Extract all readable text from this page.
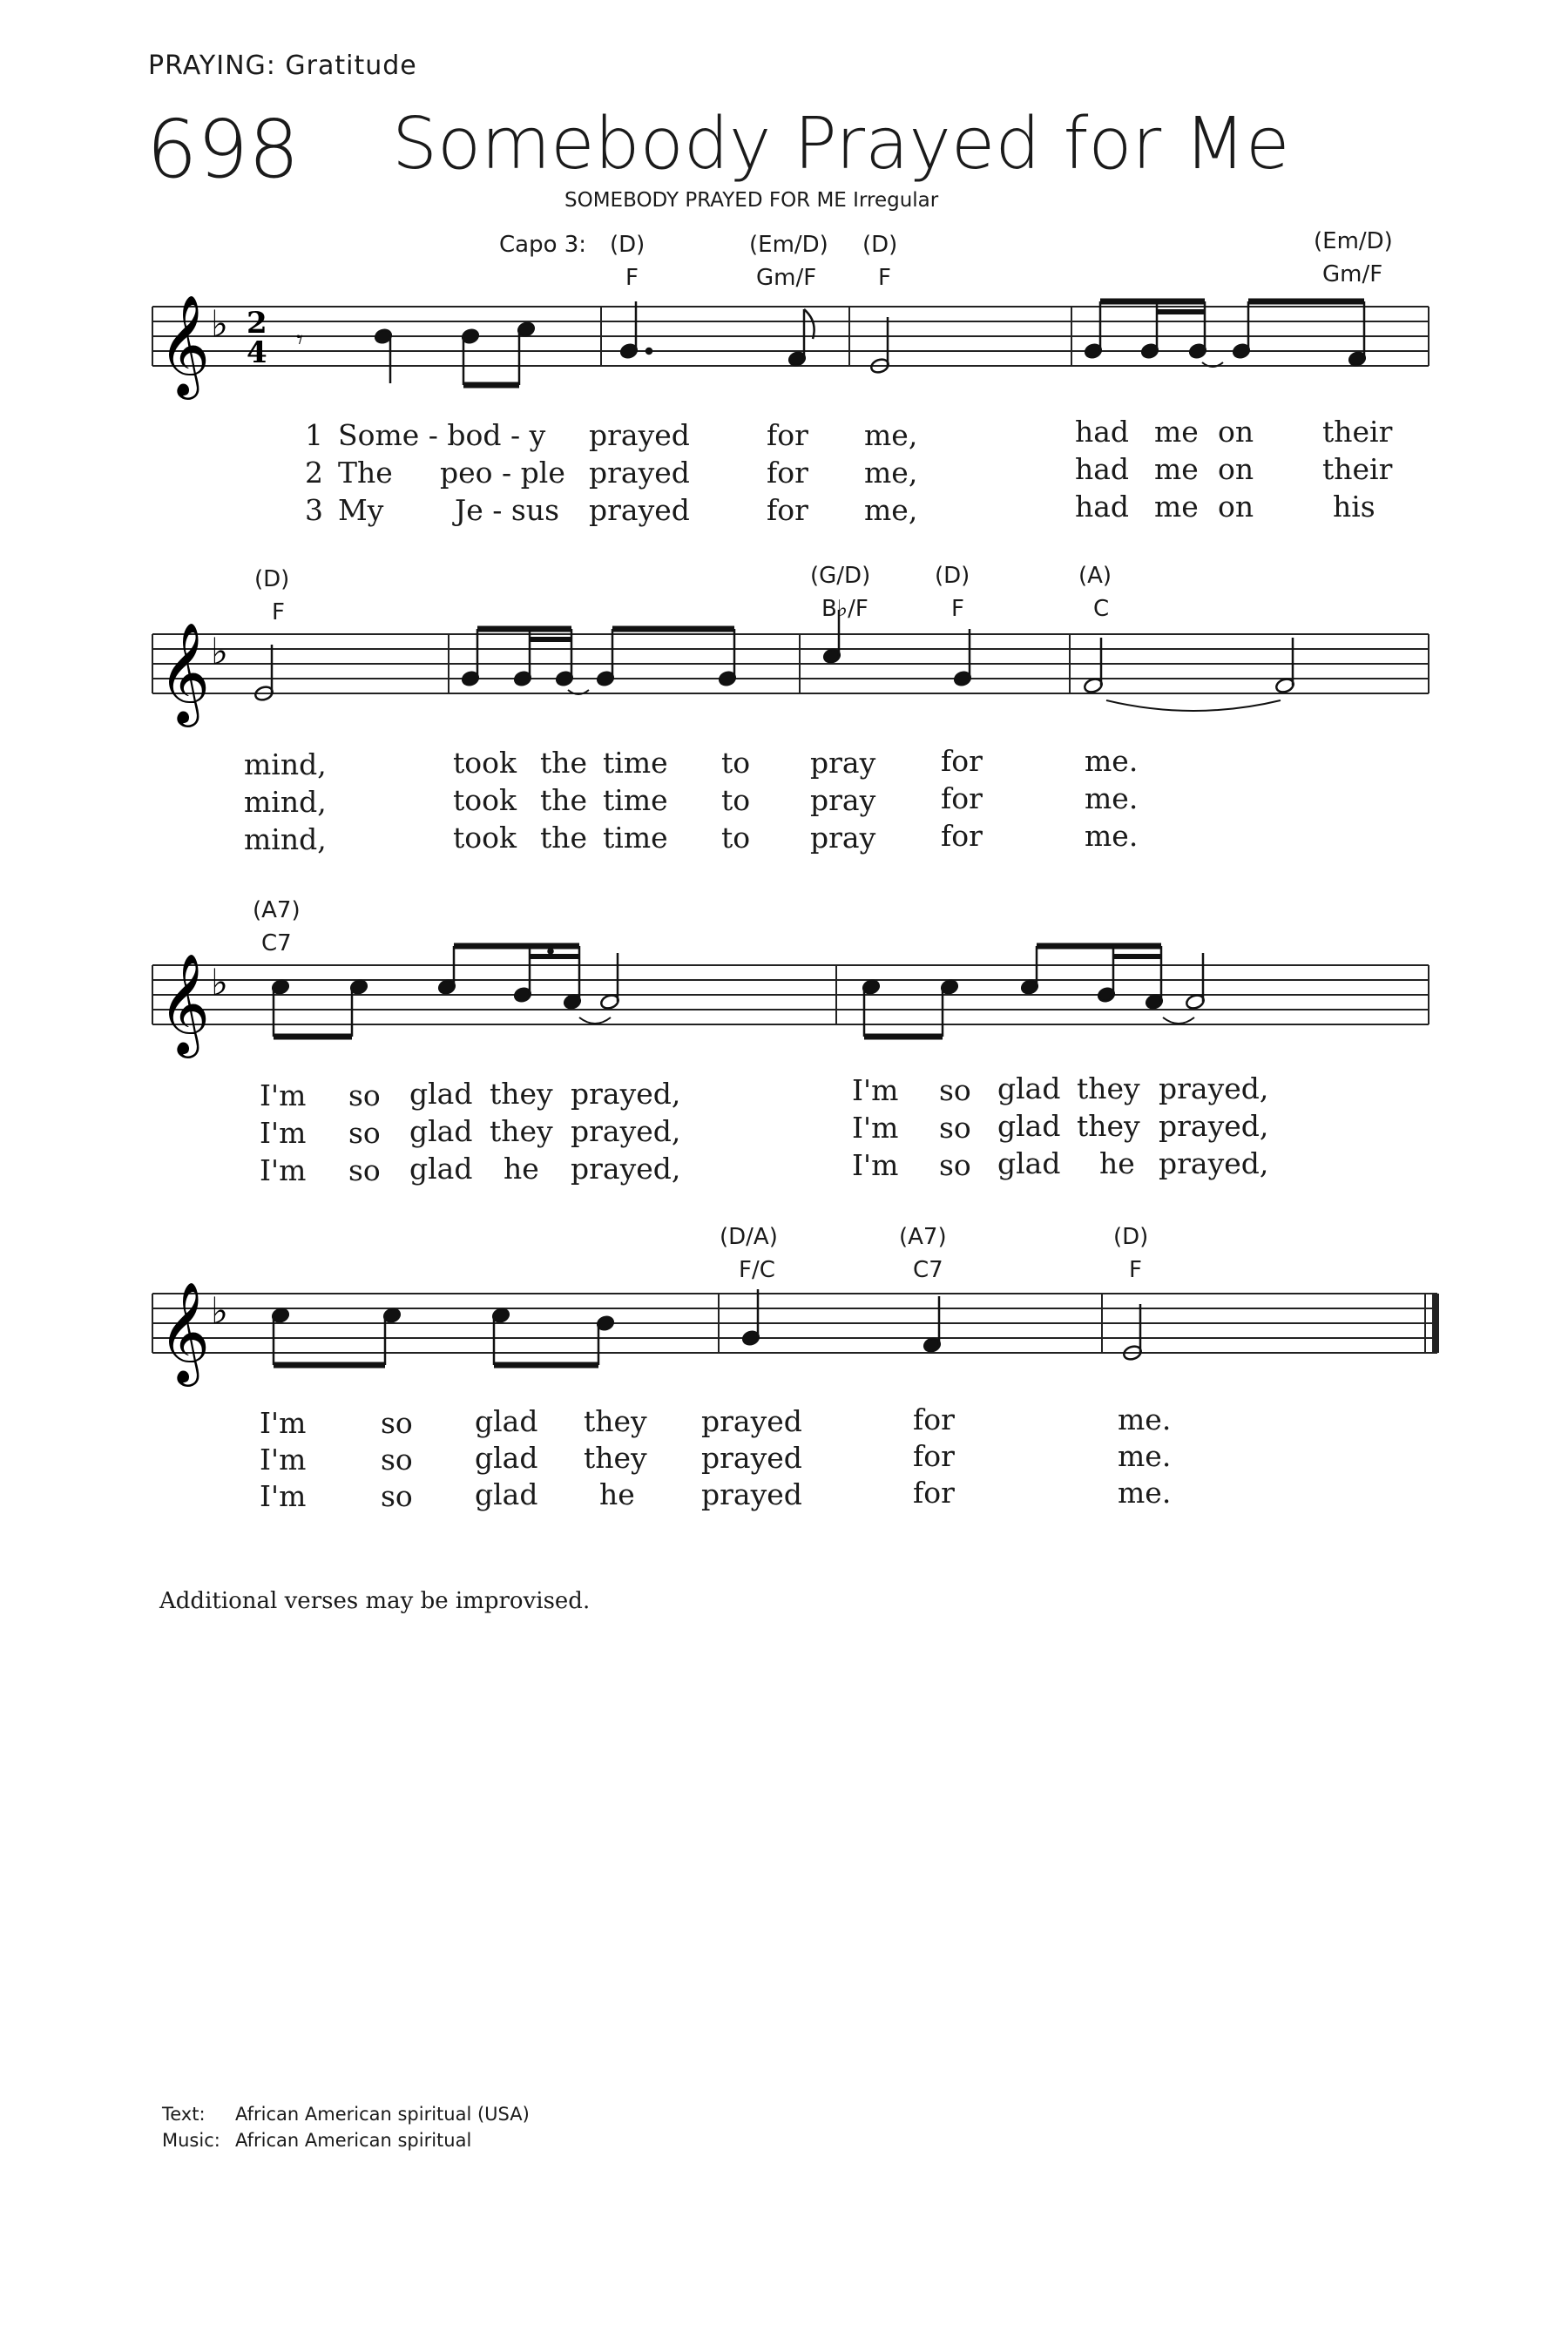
PRAYING: Gratitude
698 Somebody Prayed for Me
SOMEBODY PRAYED FOR ME Irregular
Capo 3: (D)
F
(Em/D)
Gm/F
(D)
F
(Em/D)
Gm/F
(D)
F
(G/D)
B♭/F
(D)
F
(A)
C
(A7)
C7
(D/A)
F/C
(A7)
C7
(D)
F
𝄞 ♭ 2
4 𝄾
𝄞 ♭
𝄞 ♭
𝄞 ♭
1 Some - bod - y prayed	for me,	had me on their
2 The peo - ple prayed	for me,	had me on their
3 My Je - sus prayed	for me,	had me on	his
mind,	took the time to pray for	me.
mind,	took the time to pray for	me.
mind,	took the time to pray for	me.
I'm so glad they prayed,	I'm so glad they prayed,
I'm so glad they prayed,	I'm so glad they prayed,
I'm so glad he prayed,	I'm so glad he prayed,
I'm	so glad they prayed	for	me.
I'm	so glad they prayed	for	me.
I'm	so glad he prayed	for	me.
Additional verses may be improvised.
Text: African American spiritual (USA)
Music: African American spiritual
